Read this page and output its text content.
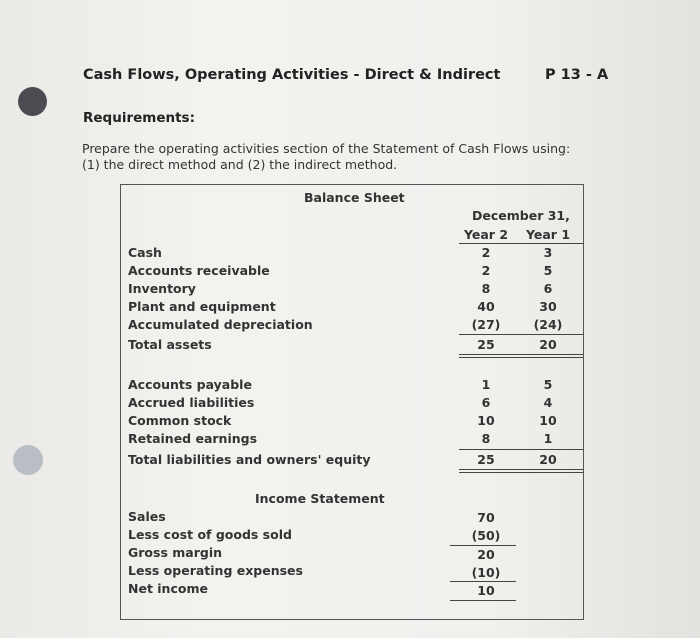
Cash Flows, Operating Activities - Direct & Indirect	P 13 - A
Requirements:
Prepare the operating activities section of the Statement of Cash Flows using:
(1) the direct method and (2) the indirect method.
Balance Sheet
December 31,
Year 2	Year 1
Cash	2	3
Accounts receivable	2	5
Inventory	8	6
Plant and equipment	40	30
Accumulated depreciation	(27)	(24)
Total assets	25	20
Accounts payable	1	5
Accrued liabilities	6	4
Common stock	10	10
Retained earnings	8	1
Total liabilities and owners' equity	25	20
Income Statement
Sales	70
Less cost of goods sold	(50)
Gross margin	20
Less operating expenses	(10)
Net income	10
